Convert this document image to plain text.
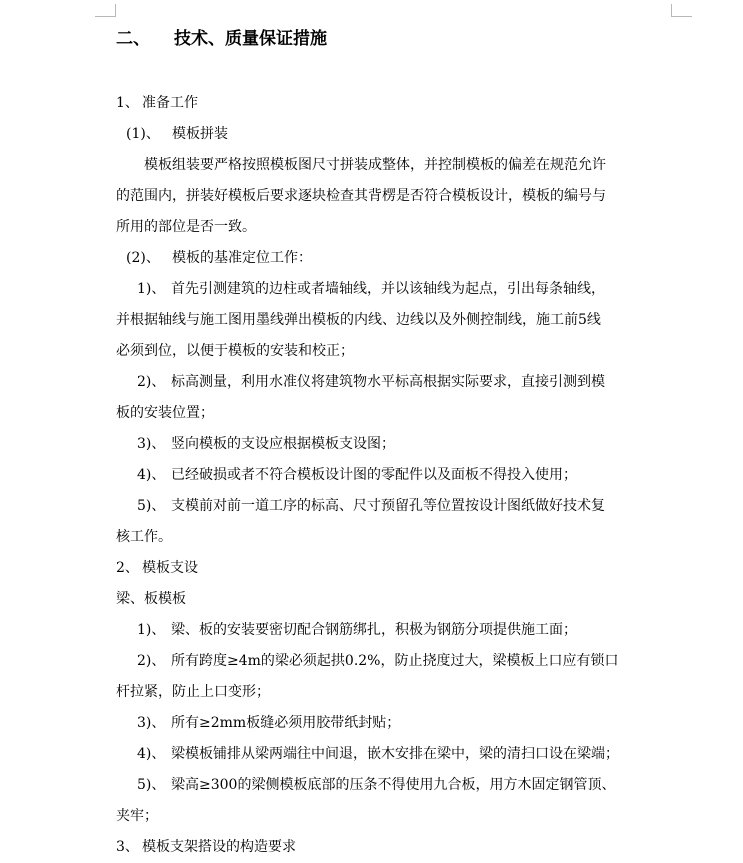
二、 技术、质量保证措施
1、 准备工作
(1)、 模板拼装
模板组装要严格按照模板图尺寸拼装成整体，并控制模板的偏差在规范允许
的范围内，拼装好模板后要求逐块检查其背楞是否符合模板设计，模板的编号与
所用的部位是否一致。
(2)、 模板的基准定位工作：
1)、 首先引测建筑的边柱或者墙轴线，并以该轴线为起点，引出每条轴线，
并根据轴线与施工图用墨线弹出模板的内线、边线以及外侧控制线，施工前5线
必须到位，以便于模板的安装和校正；
2)、 标高测量，利用水准仪将建筑物水平标高根据实际要求，直接引测到模
板的安装位置；
3)、 竖向模板的支设应根据模板支设图；
4)、 已经破损或者不符合模板设计图的零配件以及面板不得投入使用；
5)、 支模前对前一道工序的标高、尺寸预留孔等位置按设计图纸做好技术复
核工作。
2、 模板支设
梁、板模板
1)、 梁、板的安装要密切配合钢筋绑扎，积极为钢筋分项提供施工面；
2)、 所有跨度≥4m的梁必须起拱0.2%，防止挠度过大，梁模板上口应有锁口
杆拉紧，防止上口变形；
3)、 所有≥2mm板缝必须用胶带纸封贴；
4)、 梁模板铺排从梁两端往中间退，嵌木安排在梁中，梁的清扫口设在梁端；
5)、 梁高≥300的梁侧模板底部的压条不得使用九合板，用方木固定钢管顶、
夹牢；
3、 模板支架搭设的构造要求
